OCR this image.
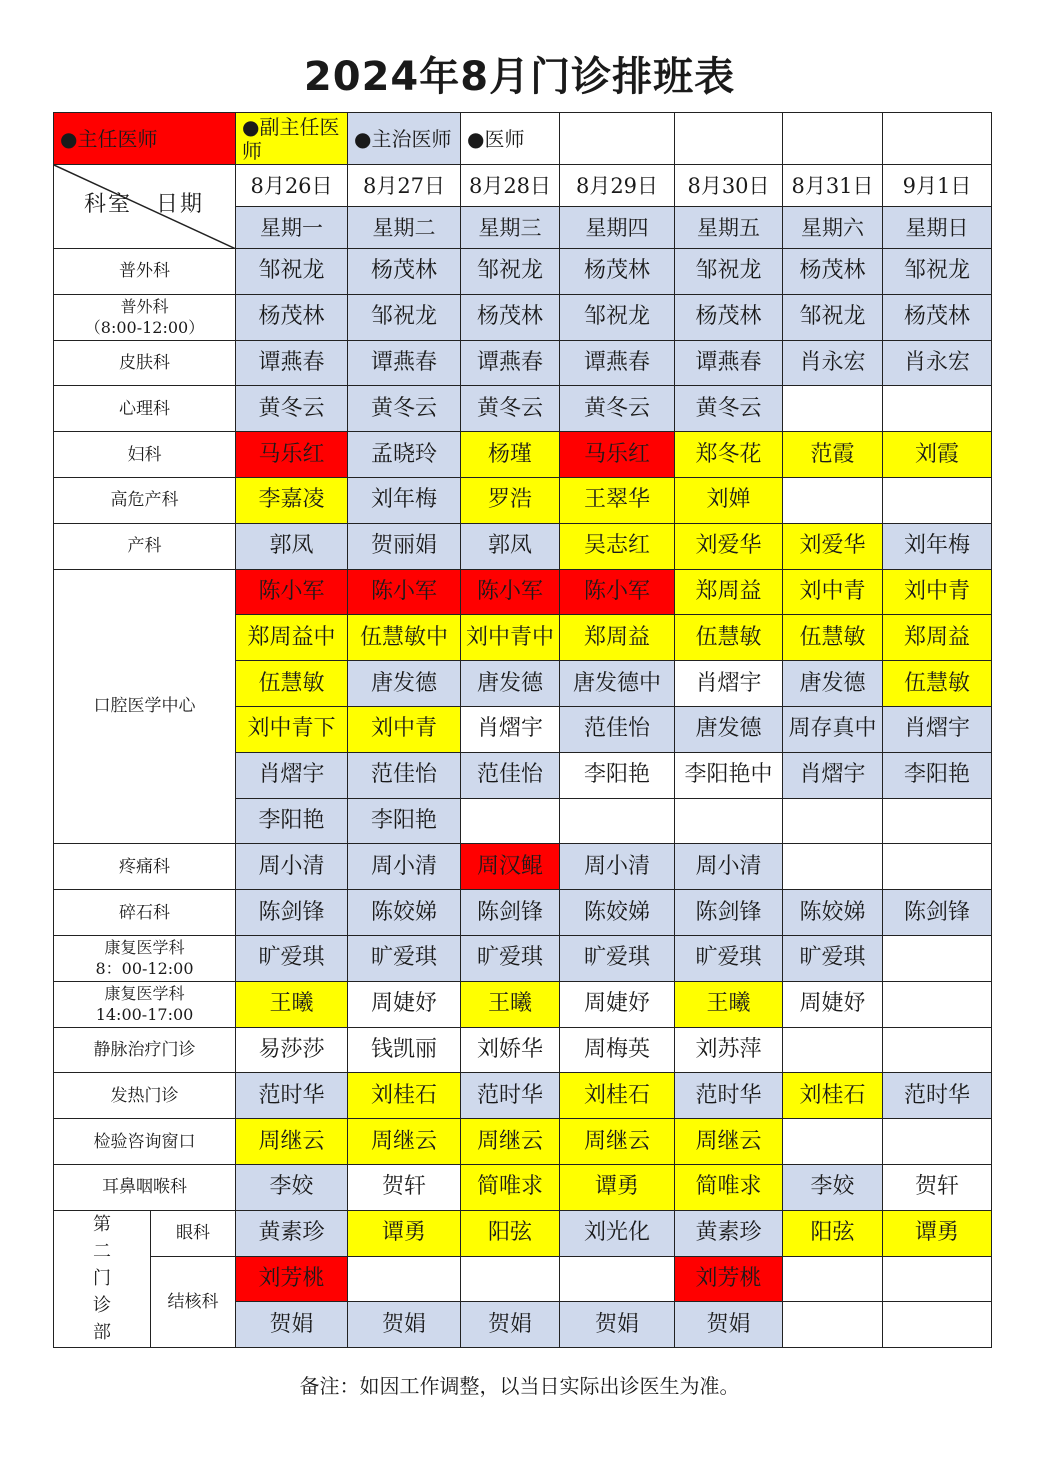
2024年8月门诊排班表
●主任医师		●副主任医师	●主治医师	●医师				

科室　日期		8月26日	8月27日	8月28日	8月29日	8月30日	8月31日	9月1日
		星期一	星期二	星期三	星期四	星期五	星期六	星期日
普外科		邹祝龙	杨茂林	邹祝龙	杨茂林	邹祝龙	杨茂林	邹祝龙

普外科
（8:00-12:00）		杨茂林	邹祝龙	杨茂林	邹祝龙	杨茂林	邹祝龙	杨茂林
皮肤科		谭燕春	谭燕春	谭燕春	谭燕春	谭燕春	肖永宏	肖永宏
心理科		黄冬云	黄冬云	黄冬云	黄冬云	黄冬云		
妇科		马乐红	孟晓玲	杨瑾	马乐红	郑冬花	范霞	刘霞
高危产科		李嘉凌	刘年梅	罗浩	王翠华	刘婵		
产科		郭凤	贺丽娟	郭凤	吴志红	刘爱华	刘爱华	刘年梅
口腔医学中心		陈小军	陈小军	陈小军	陈小军	郑周益	刘中青	刘中青
		郑周益中	伍慧敏中	刘中青中	郑周益	伍慧敏	伍慧敏	郑周益
		伍慧敏	唐发德	唐发德	唐发德中	肖熠宇	唐发德	伍慧敏
		刘中青下	刘中青	肖熠宇	范佳怡	唐发德	周存真中	肖熠宇
		肖熠宇	范佳怡	范佳怡	李阳艳	李阳艳中	肖熠宇	李阳艳
		李阳艳	李阳艳					
疼痛科		周小清	周小清	周汉鲲	周小清	周小清		
碎石科		陈剑锋	陈姣娣	陈剑锋	陈姣娣	陈剑锋	陈姣娣	陈剑锋

康复医学科
8：00-12:00		旷爱琪	旷爱琪	旷爱琪	旷爱琪	旷爱琪	旷爱琪	

康复医学科
14:00-17:00		王曦	周婕妤	王曦	周婕妤	王曦	周婕妤	
静脉治疗门诊		易莎莎	钱凯丽	刘娇华	周梅英	刘苏萍		
发热门诊		范时华	刘桂石	范时华	刘桂石	范时华	刘桂石	范时华
检验咨询窗口		周继云	周继云	周继云	周继云	周继云		
耳鼻咽喉科		李姣	贺轩	简唯求	谭勇	简唯求	李姣	贺轩

第
二
门
诊
部	眼科	黄素珍	谭勇	阳弦	刘光化	黄素珍	阳弦	谭勇
	结核科	刘芳桃				刘芳桃		
		贺娟	贺娟	贺娟	贺娟	贺娟		
备注：如因工作调整，以当日实际出诊医生为准。
